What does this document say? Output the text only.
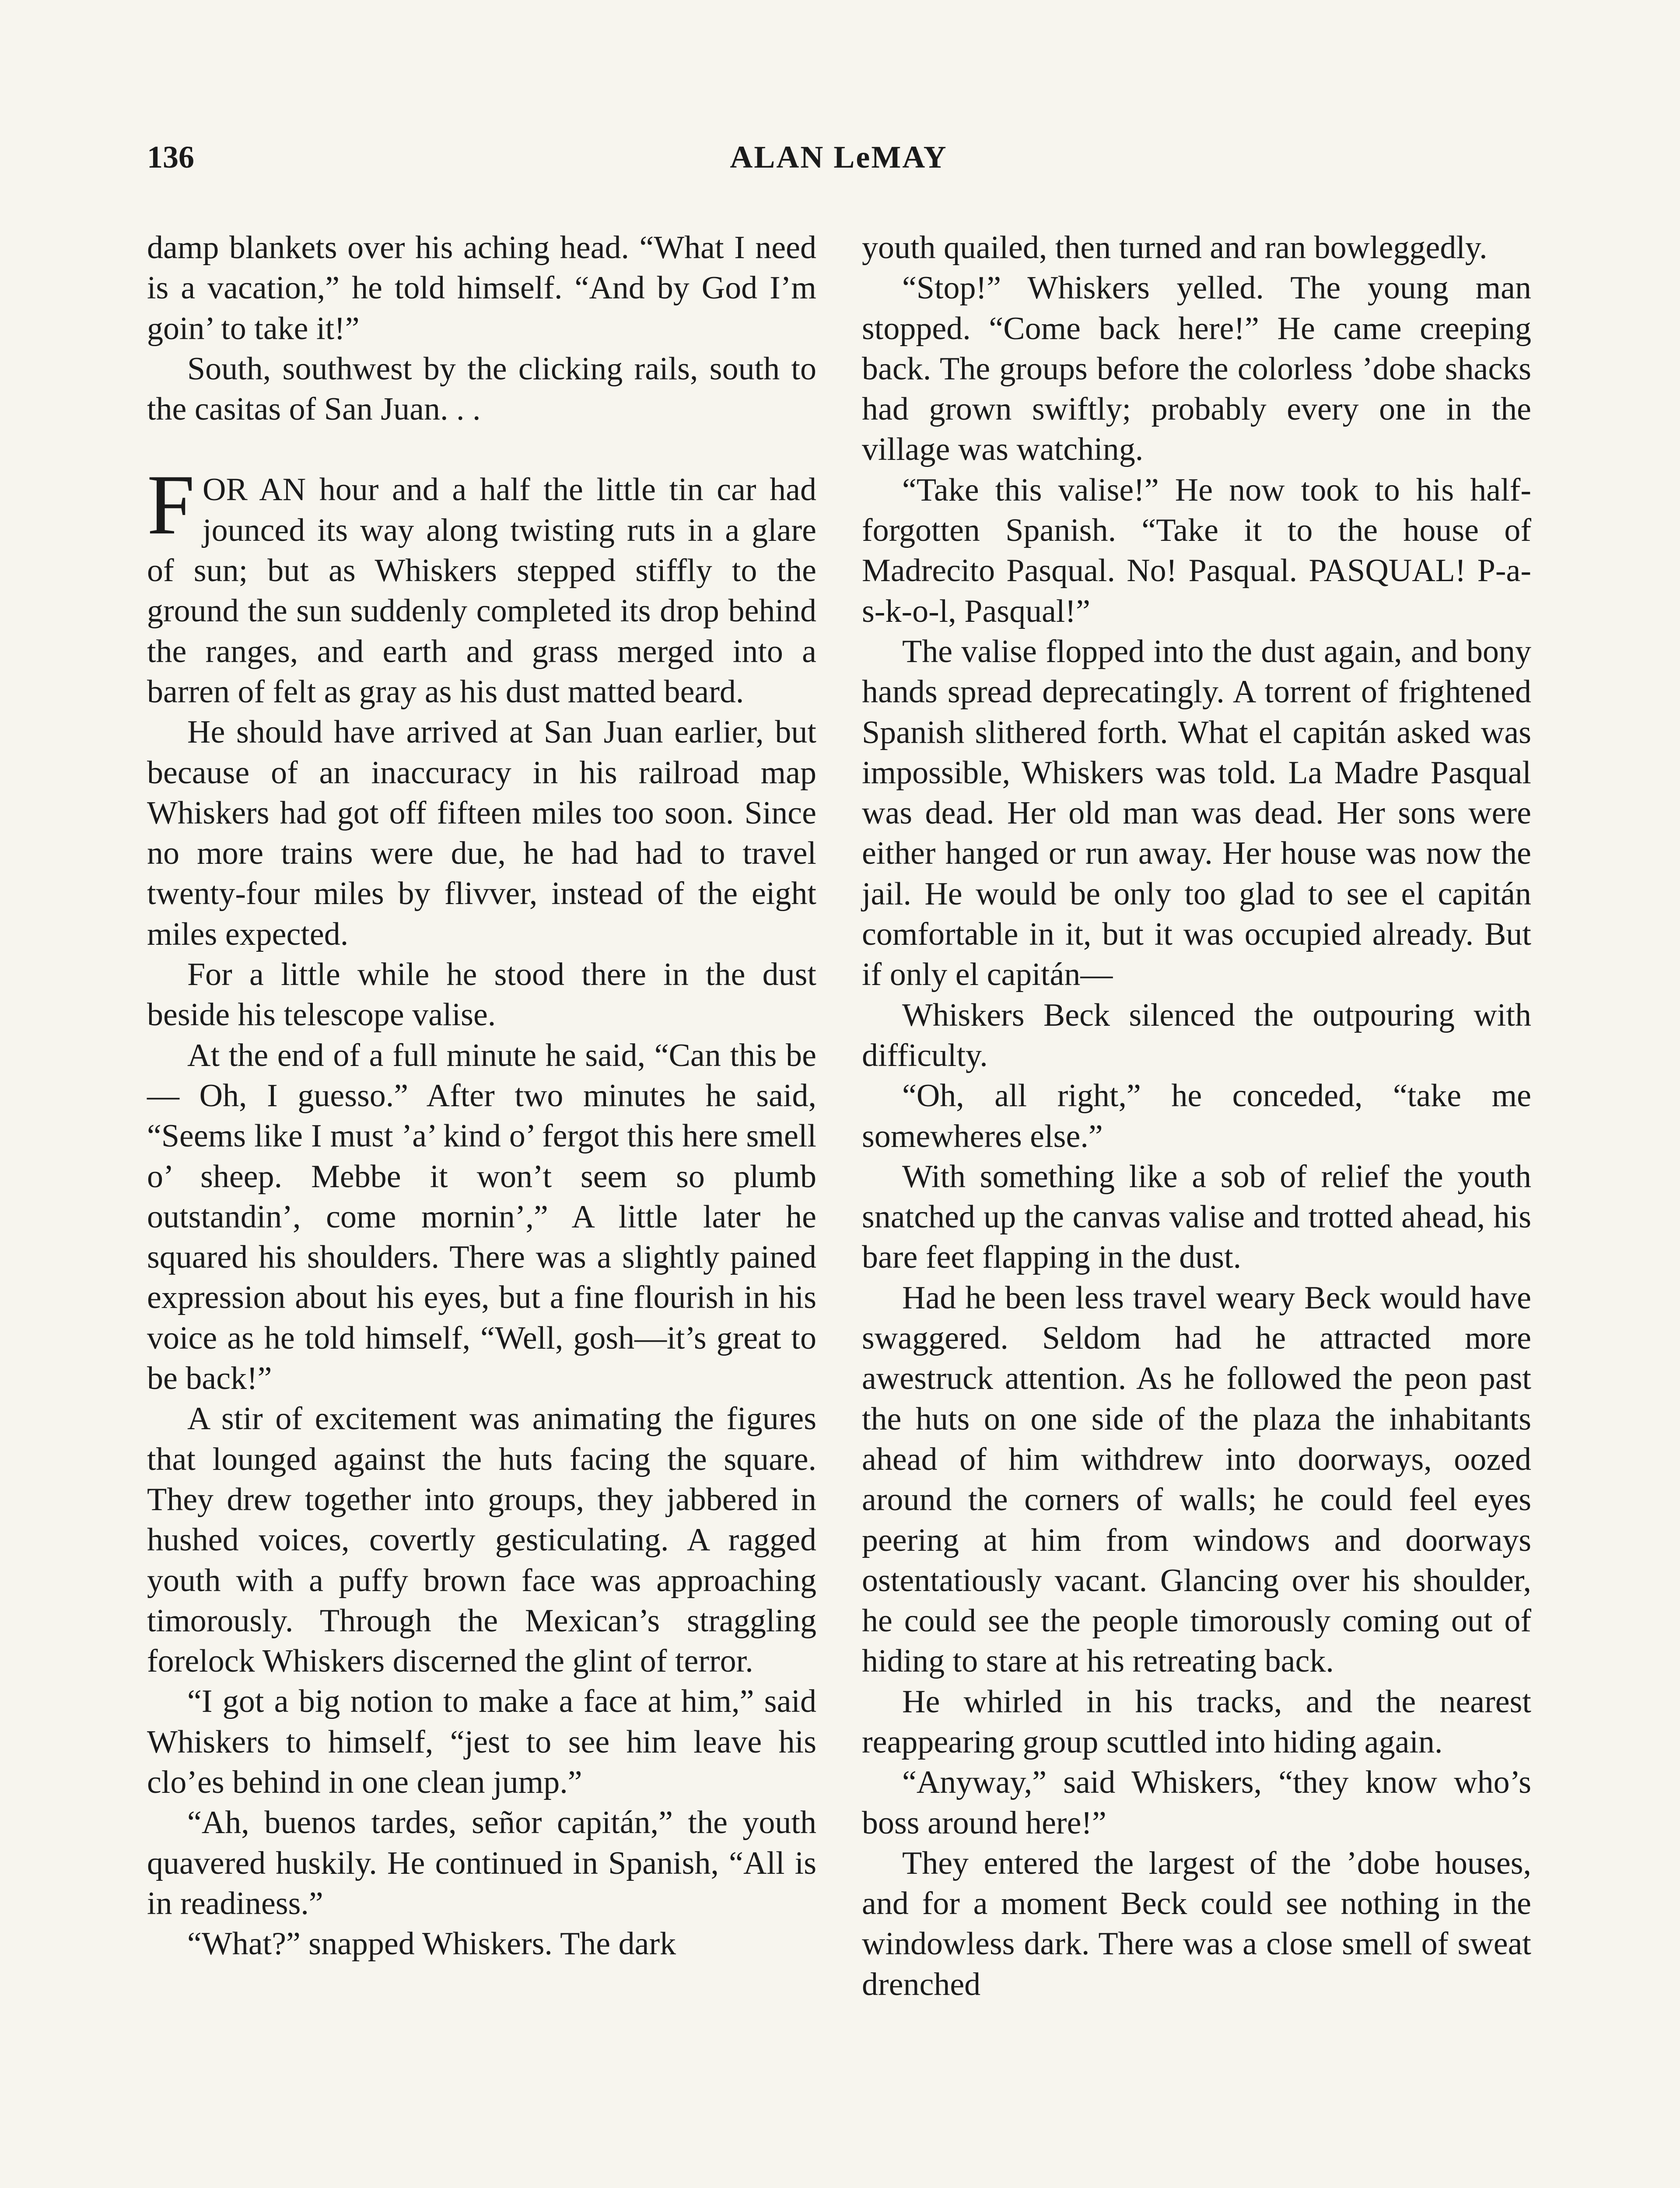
136	ALAN LeMAY

damp blankets over his aching head. “What I need is a vacation,” he told himself. “And by God I’m goin’ to take it!”

South, southwest by the clicking rails, south to the casitas of San Juan. . .

FOR AN hour and a half the little tin car had jounced its way along twisting ruts in a glare of sun; but as Whiskers stepped stiffly to the ground the sun suddenly completed its drop behind the ranges, and earth and grass merged into a barren of felt as gray as his dust matted beard.

He should have arrived at San Juan earlier, but because of an inaccuracy in his railroad map Whiskers had got off fifteen miles too soon. Since no more trains were due, he had had to travel twenty-four miles by flivver, instead of the eight miles expected.

For a little while he stood there in the dust beside his telescope valise.

At the end of a full minute he said, “Can this be— Oh, I guesso.” After two minutes he said, “Seems like I must ’a’ kind o’ fergot this here smell o’ sheep. Mebbe it won’t seem so plumb outstandin’, come mornin’,” A little later he squared his shoulders. There was a slightly pained expression about his eyes, but a fine flourish in his voice as he told himself, “Well, gosh—it’s great to be back!”

A stir of excitement was animating the figures that lounged against the huts facing the square. They drew together into groups, they jabbered in hushed voices, covertly gesticulating. A ragged youth with a puffy brown face was approaching timorously. Through the Mexican’s straggling forelock Whiskers discerned the glint of terror.

“I got a big notion to make a face at him,” said Whiskers to himself, “jest to see him leave his clo’es behind in one clean jump.”

“Ah, buenos tardes, señor capitán,” the youth quavered huskily. He continued in Spanish, “All is in readiness.”

“What?” snapped Whiskers. The dark

youth quailed, then turned and ran bowleggedly.

“Stop!” Whiskers yelled. The young man stopped. “Come back here!” He came creeping back. The groups before the colorless ’dobe shacks had grown swiftly; probably every one in the village was watching.

“Take this valise!” He now took to his half-forgotten Spanish. “Take it to the house of Madrecito Pasqual. No! Pasqual. PASQUAL! P-a-s-k-o-l, Pasqual!”

The valise flopped into the dust again, and bony hands spread deprecatingly. A torrent of frightened Spanish slithered forth. What el capitán asked was impossible, Whiskers was told. La Madre Pasqual was dead. Her old man was dead. Her sons were either hanged or run away. Her house was now the jail. He would be only too glad to see el capitán comfortable in it, but it was occupied already. But if only el capitán—

Whiskers Beck silenced the outpouring with difficulty.

“Oh, all right,” he conceded, “take me somewheres else.”

With something like a sob of relief the youth snatched up the canvas valise and trotted ahead, his bare feet flapping in the dust.

Had he been less travel weary Beck would have swaggered. Seldom had he attracted more awestruck attention. As he followed the peon past the huts on one side of the plaza the inhabitants ahead of him withdrew into doorways, oozed around the corners of walls; he could feel eyes peering at him from windows and doorways ostentatiously vacant. Glancing over his shoulder, he could see the people timorously coming out of hiding to stare at his retreating back.

He whirled in his tracks, and the nearest reappearing group scuttled into hiding again.

“Anyway,” said Whiskers, “they know who’s boss around here!”

They entered the largest of the ’dobe houses, and for a moment Beck could see nothing in the windowless dark. There was a close smell of sweat drenched
